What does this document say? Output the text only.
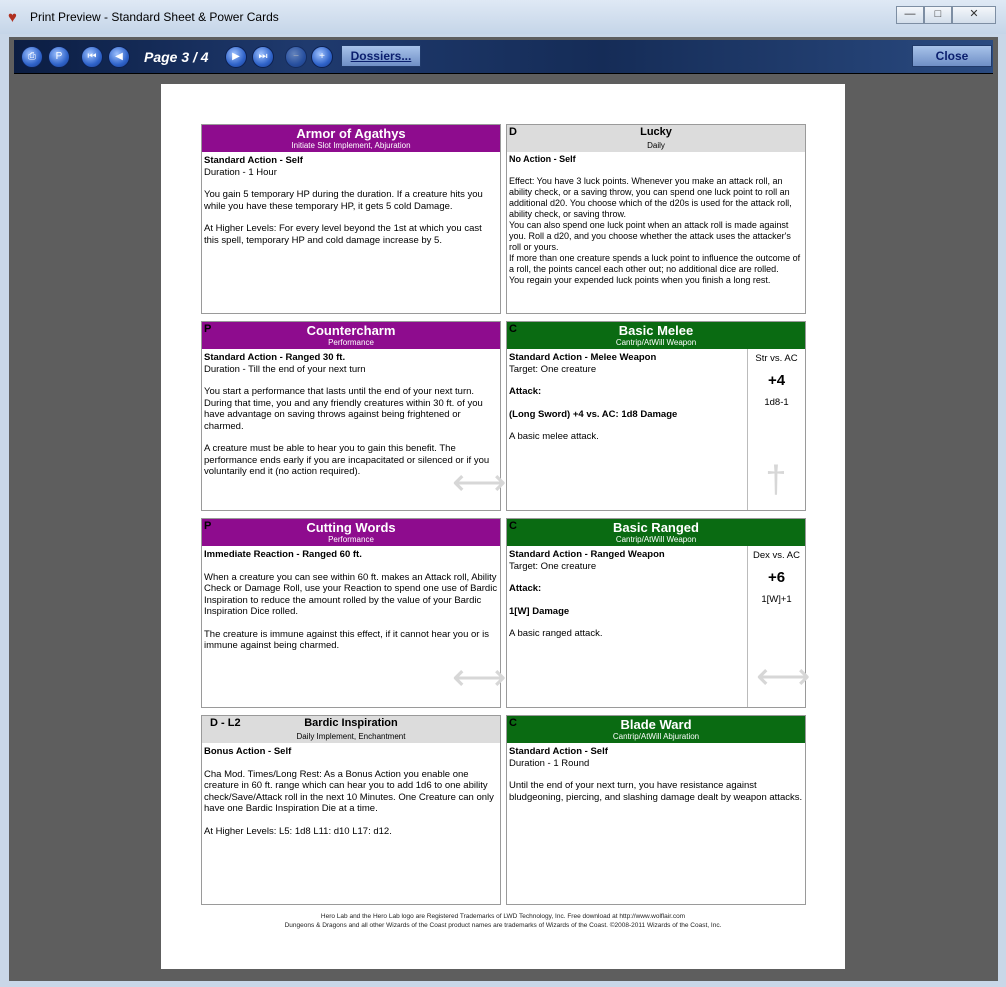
♥ Print Preview - Standard Sheet & Power Cards	—	□	✕
⎙	P	⏮	◀	Page 3 / 4	▶	⏭	−	+	Dossiers...	Close
Armor of Agathys
Initiate Slot Implement, Abjuration
Standard Action - Self

Duration - 1 Hour

You gain 5 temporary HP during the duration. If a creature hits you while you have these temporary HP, it gets 5 cold Damage.

At Higher Levels: For every level beyond the 1st at which you cast this spell, temporary HP and cold damage increase by 5.

D	Lucky
Daily

No Action - Self

Effect: You have 3 luck points. Whenever you make an attack roll, an ability check, or a saving throw, you can spend one luck point to roll an additional d20. You choose which of the d20s is used for the attack roll, ability check, or saving throw.
You can also spend one luck point when an attack roll is made against you. Roll a d20, and you choose whether the attack uses the attacker's roll or yours.
If more than one creature spends a luck point to influence the outcome of a roll, the points cancel each other out; no additional dice are rolled.
You regain your expended luck points when you finish a long rest.
P	Countercharm
Performance
Standard Action - Ranged 30 ft.

Duration - Till the end of your next turn

You start a performance that lasts until the end of your next turn. During that time, you and any friendly creatures within 30 ft. of you have advantage on saving throws against being frightened or charmed.

A creature must be able to hear you to gain this benefit. The performance ends early if you are incapacitated or silenced or if you voluntarily end it (no action required).	⟷
C	Basic Melee
Cantrip/AtWill Weapon
Standard Action - Melee Weapon

Target: One creature

Attack:

(Long Sword) +4 vs. AC: 1d8 Damage

A basic melee attack.

Str vs. AC
+4
1d8-1
†
P	Cutting Words
Performance

Immediate Reaction - Ranged 60 ft.

When a creature you can see within 60 ft. makes an Attack roll, Ability Check or Damage Roll, use your Reaction to spend one use of Bardic Inspiration to reduce the amount rolled by the value of your Bardic Inspiration Dice rolled.

The creature is immune against this effect, if it cannot hear you or is immune against being charmed.

⟷
C	Basic Ranged
Cantrip/AtWill Weapon
Standard Action - Ranged Weapon

Target: One creature

Attack:

1[W] Damage

A basic ranged attack.

Dex vs. AC
+6
1[W]+1
⟷
D - L2	Bardic Inspiration
Daily Implement, Enchantment

Bonus Action - Self

Cha Mod. Times/Long Rest: As a Bonus Action you enable one creature in 60 ft. range which can hear you to add 1d6 to one ability check/Save/Attack roll in the next 10 Minutes. One Creature can only have one Bardic Inspiration Die at a time.

At Higher Levels: L5: 1d8 L11: d10 L17: d12.

C	Blade Ward
Cantrip/AtWill Abjuration
Standard Action - Self

Duration - 1 Round

Until the end of your next turn, you have resistance against bludgeoning, piercing, and slashing damage dealt by weapon attacks.

Hero Lab and the Hero Lab logo are Registered Trademarks of LWD Technology, Inc. Free download at http://www.wolflair.com
Dungeons & Dragons and all other Wizards of the Coast product names are trademarks of Wizards of the Coast. ©2008-2011 Wizards of the Coast, Inc.
